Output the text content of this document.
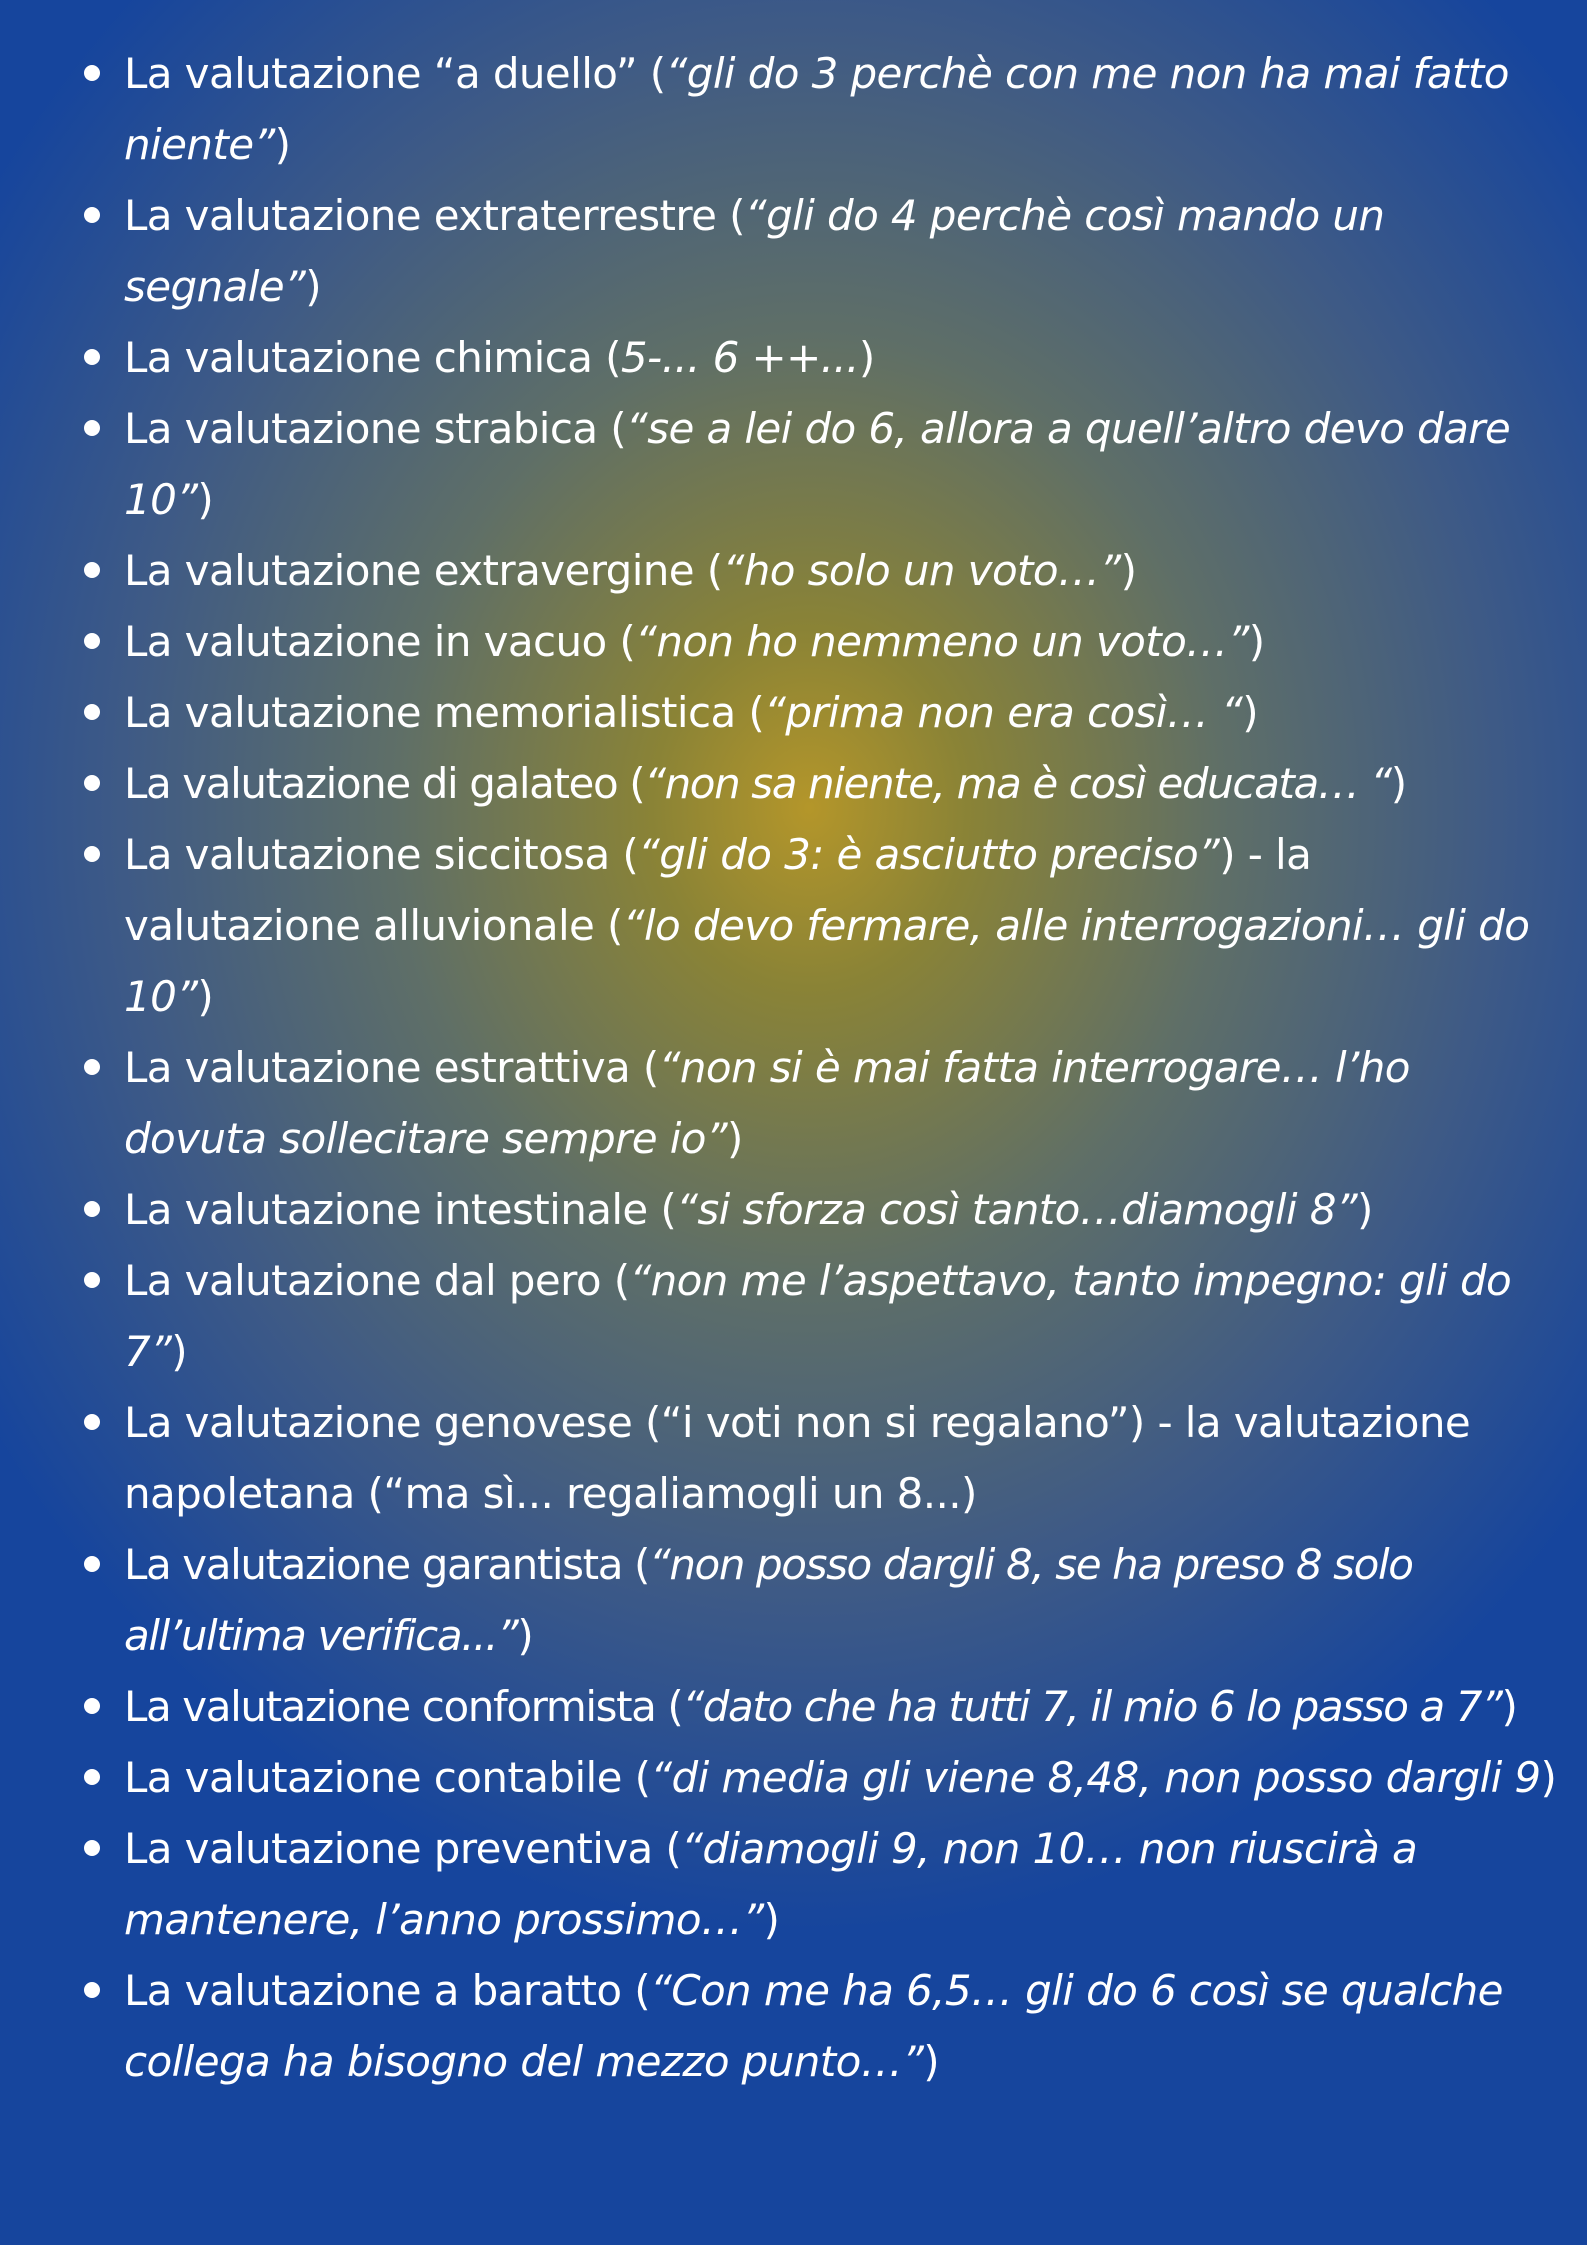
La valutazione “a duello” (“gli do 3 perchè con me non ha mai fatto niente”)
La valutazione extraterrestre (“gli do 4 perchè così mando un segnale”)
La valutazione chimica (5-... 6 ++...)
La valutazione strabica (“se a lei do 6, allora a quell’altro devo dare 10”)
La valutazione extravergine (“ho solo un voto…”)
La valutazione in vacuo (“non ho nemmeno un voto…”)
La valutazione memorialistica (“prima non era così… “)
La valutazione di galateo (“non sa niente, ma è così educata… “)
La valutazione siccitosa (“gli do 3: è asciutto preciso”) - la valutazione alluvionale (“lo devo fermare, alle interrogazioni… gli do 10”)
La valutazione estrattiva (“non si è mai fatta interrogare… l’ho dovuta sollecitare sempre io”)
La valutazione intestinale (“si sforza così tanto…diamogli 8”)
La valutazione dal pero (“non me l’aspettavo, tanto impegno: gli do 7”)
La valutazione genovese (“i voti non si regalano”) - la valutazione napoletana (“ma sì... regaliamogli un 8...)
La valutazione garantista (“non posso dargli 8, se ha preso 8 solo all’ultima verifica...”)
La valutazione conformista (“dato che ha tutti 7, il mio 6 lo passo a 7”)
La valutazione contabile (“di media gli viene 8,48, non posso dargli 9)
La valutazione preventiva (“diamogli 9, non 10… non riuscirà a mantenere, l’anno prossimo…”)
La valutazione a baratto (“Con me ha 6,5… gli do 6 così se qualche collega ha bisogno del mezzo punto…”)
